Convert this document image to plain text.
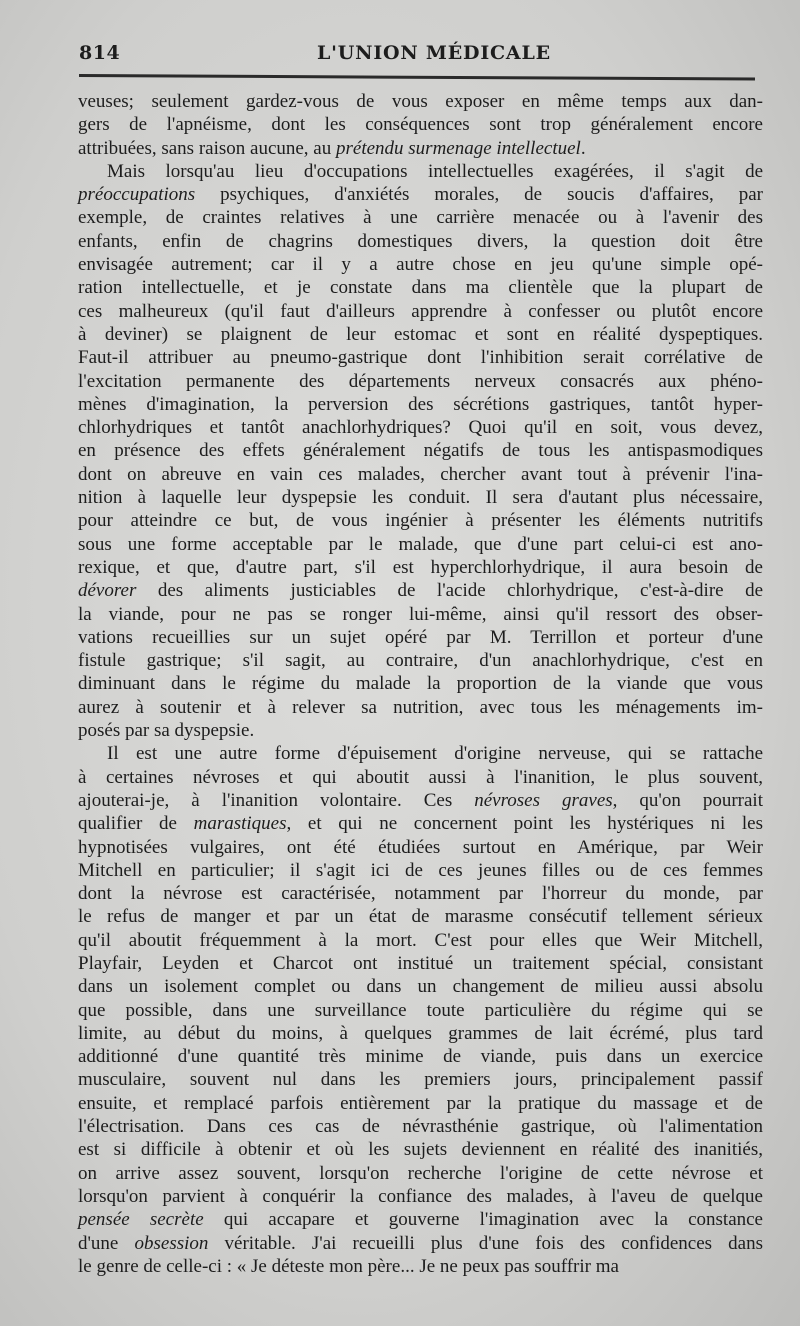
814	L'UNION MÉDICALE
veuses; seulement gardez-vous de vous exposer en même temps aux dan-
gers de l'apnéisme, dont les conséquences sont trop généralement encore
attribuées, sans raison aucune, au prétendu surmenage intellectuel.
Mais lorsqu'au lieu d'occupations intellectuelles exagérées, il s'agit de
préoccupations psychiques, d'anxiétés morales, de soucis d'affaires, par
exemple, de craintes relatives à une carrière menacée ou à l'avenir des
enfants, enfin de chagrins domestiques divers, la question doit être
envisagée autrement; car il y a autre chose en jeu qu'une simple opé-
ration intellectuelle, et je constate dans ma clientèle que la plupart de
ces malheureux (qu'il faut d'ailleurs apprendre à confesser ou plutôt encore
à deviner) se plaignent de leur estomac et sont en réalité dyspeptiques.
Faut-il attribuer au pneumo-gastrique dont l'inhibition serait corrélative de
l'excitation permanente des départements nerveux consacrés aux phéno-
mènes d'imagination, la perversion des sécrétions gastriques, tantôt hyper-
chlorhydriques et tantôt anachlorhydriques? Quoi qu'il en soit, vous devez,
en présence des effets généralement négatifs de tous les antispasmodiques
dont on abreuve en vain ces malades, chercher avant tout à prévenir l'ina-
nition à laquelle leur dyspepsie les conduit. Il sera d'autant plus nécessaire,
pour atteindre ce but, de vous ingénier à présenter les éléments nutritifs
sous une forme acceptable par le malade, que d'une part celui-ci est ano-
rexique, et que, d'autre part, s'il est hyperchlorhydrique, il aura besoin de
dévorer des aliments justiciables de l'acide chlorhydrique, c'est-à-dire de
la viande, pour ne pas se ronger lui-même, ainsi qu'il ressort des obser-
vations recueillies sur un sujet opéré par M. Terrillon et porteur d'une
fistule gastrique; s'il sagit, au contraire, d'un anachlorhydrique, c'est en
diminuant dans le régime du malade la proportion de la viande que vous
aurez à soutenir et à relever sa nutrition, avec tous les ménagements im-
posés par sa dyspepsie.
Il est une autre forme d'épuisement d'origine nerveuse, qui se rattache
à certaines névroses et qui aboutit aussi à l'inanition, le plus souvent,
ajouterai-je, à l'inanition volontaire. Ces névroses graves, qu'on pourrait
qualifier de marastiques, et qui ne concernent point les hystériques ni les
hypnotisées vulgaires, ont été étudiées surtout en Amérique, par Weir
Mitchell en particulier; il s'agit ici de ces jeunes filles ou de ces femmes
dont la névrose est caractérisée, notamment par l'horreur du monde, par
le refus de manger et par un état de marasme consécutif tellement sérieux
qu'il aboutit fréquemment à la mort. C'est pour elles que Weir Mitchell,
Playfair, Leyden et Charcot ont institué un traitement spécial, consistant
dans un isolement complet ou dans un changement de milieu aussi absolu
que possible, dans une surveillance toute particulière du régime qui se
limite, au début du moins, à quelques grammes de lait écrémé, plus tard
additionné d'une quantité très minime de viande, puis dans un exercice
musculaire, souvent nul dans les premiers jours, principalement passif
ensuite, et remplacé parfois entièrement par la pratique du massage et de
l'électrisation. Dans ces cas de névrasthénie gastrique, où l'alimentation
est si difficile à obtenir et où les sujets deviennent en réalité des inanitiés,
on arrive assez souvent, lorsqu'on recherche l'origine de cette névrose et
lorsqu'on parvient à conquérir la confiance des malades, à l'aveu de quelque
pensée secrète qui accapare et gouverne l'imagination avec la constance
d'une obsession véritable. J'ai recueilli plus d'une fois des confidences dans
le genre de celle-ci : « Je déteste mon père... Je ne peux pas souffrir ma
